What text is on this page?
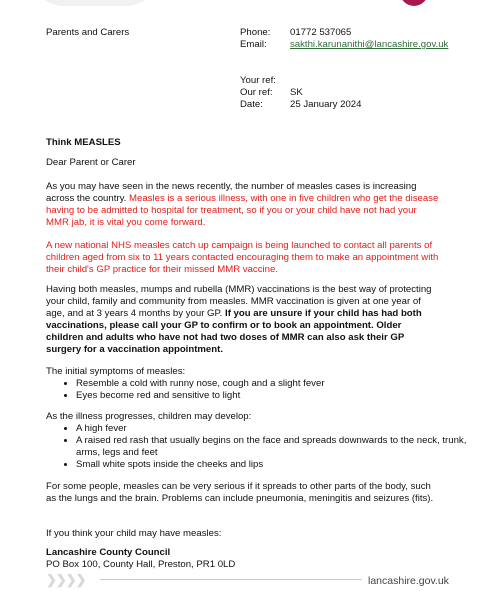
Parents and Carers	Phone:	01772 537065
Email:	sakthi.karunanithi@lancashire.gov.uk
Your ref:
Our ref:	SK
Date:	25 January 2024
Think MEASLES
Dear Parent or Carer
As you may have seen in the news recently, the number of measles cases is increasing across the country. Measles is a serious illness, with one in five children who get the disease having to be admitted to hospital for treatment, so if you or your child have not had your MMR jab, it is vital you come forward.
A new national NHS measles catch up campaign is being launched to contact all parents of children aged from six to 11 years contacted encouraging them to make an appointment with their child's GP practice for their missed MMR vaccine.
Having both measles, mumps and rubella (MMR) vaccinations is the best way of protecting your child, family and community from measles. MMR vaccination is given at one year of age, and at 3 years 4 months by your GP. If you are unsure if your child has had both vaccinations, please call your GP to confirm or to book an appointment. Older children and adults who have not had two doses of MMR can also ask their GP surgery for a vaccination appointment.
The initial symptoms of measles:
• Resemble a cold with runny nose, cough and a slight fever
• Eyes become red and sensitive to light
As the illness progresses, children may develop:
• A high fever
• A raised red rash that usually begins on the face and spreads downwards to the neck, trunk, arms, legs and feet
• Small white spots inside the cheeks and lips
For some people, measles can be very serious if it spreads to other parts of the body, such as the lungs and the brain. Problems can include pneumonia, meningitis and seizures (fits).
If you think your child may have measles:
Lancashire County Council
PO Box 100, County Hall, Preston, PR1 0LD
❯❯❯❯	lancashire.gov.uk
